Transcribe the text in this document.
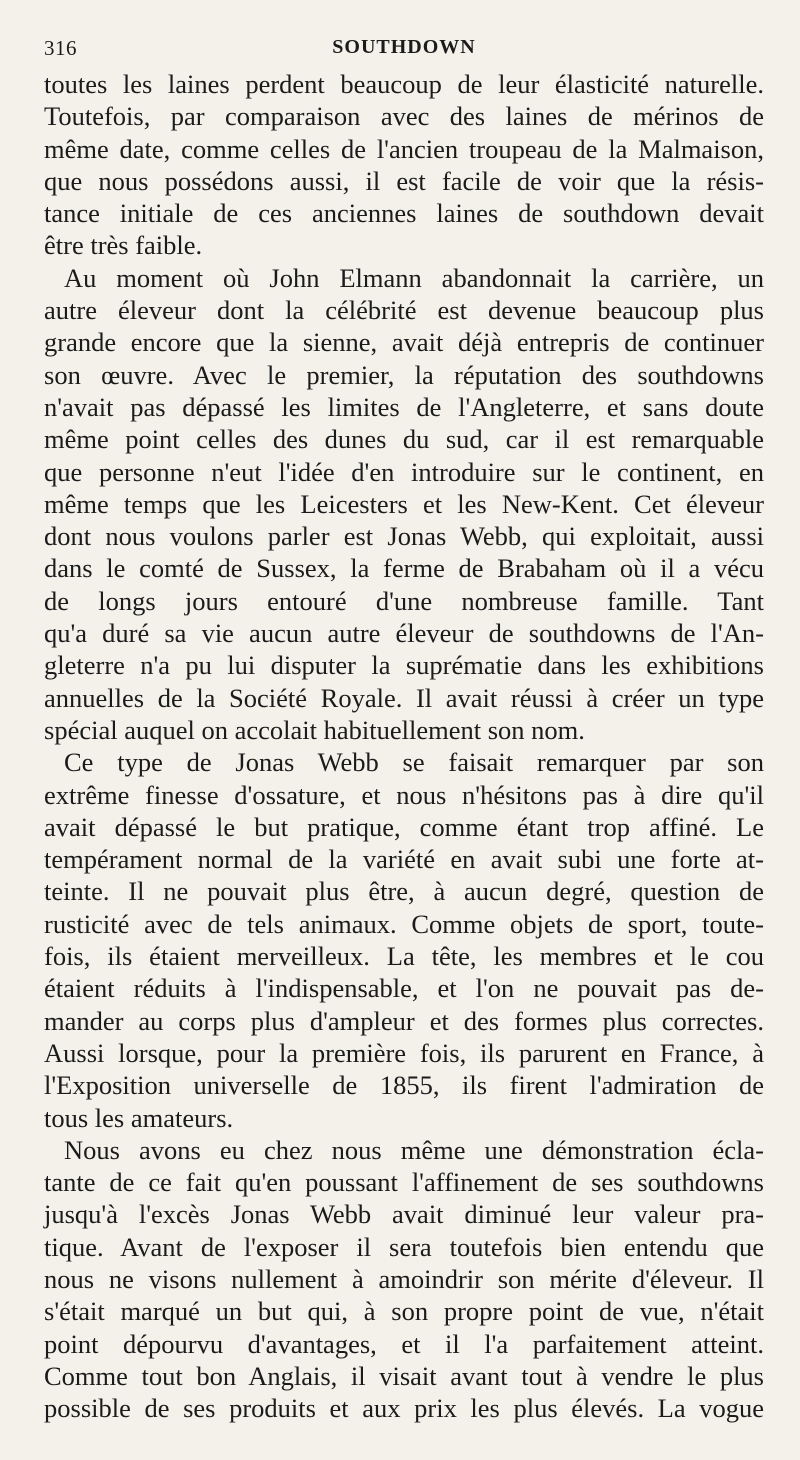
316	SOUTHDOWN
toutes les laines perdent beaucoup de leur élasticité naturelle.
Toutefois, par comparaison avec des laines de mérinos de
même date, comme celles de l'ancien troupeau de la Malmaison,
que nous possédons aussi, il est facile de voir que la résis-
tance initiale de ces anciennes laines de southdown devait
être très faible.
Au moment où John Elmann abandonnait la carrière, un
autre éleveur dont la célébrité est devenue beaucoup plus
grande encore que la sienne, avait déjà entrepris de continuer
son œuvre. Avec le premier, la réputation des southdowns
n'avait pas dépassé les limites de l'Angleterre, et sans doute
même point celles des dunes du sud, car il est remarquable
que personne n'eut l'idée d'en introduire sur le continent, en
même temps que les Leicesters et les New-Kent. Cet éleveur
dont nous voulons parler est Jonas Webb, qui exploitait, aussi
dans le comté de Sussex, la ferme de Brabaham où il a vécu
de longs jours entouré d'une nombreuse famille. Tant
qu'a duré sa vie aucun autre éleveur de southdowns de l'An-
gleterre n'a pu lui disputer la suprématie dans les exhibitions
annuelles de la Société Royale. Il avait réussi à créer un type
spécial auquel on accolait habituellement son nom.
Ce type de Jonas Webb se faisait remarquer par son
extrême finesse d'ossature, et nous n'hésitons pas à dire qu'il
avait dépassé le but pratique, comme étant trop affiné. Le
tempérament normal de la variété en avait subi une forte at-
teinte. Il ne pouvait plus être, à aucun degré, question de
rusticité avec de tels animaux. Comme objets de sport, toute-
fois, ils étaient merveilleux. La tête, les membres et le cou
étaient réduits à l'indispensable, et l'on ne pouvait pas de-
mander au corps plus d'ampleur et des formes plus correctes.
Aussi lorsque, pour la première fois, ils parurent en France, à
l'Exposition universelle de 1855, ils firent l'admiration de
tous les amateurs.
Nous avons eu chez nous même une démonstration écla-
tante de ce fait qu'en poussant l'affinement de ses southdowns
jusqu'à l'excès Jonas Webb avait diminué leur valeur pra-
tique. Avant de l'exposer il sera toutefois bien entendu que
nous ne visons nullement à amoindrir son mérite d'éleveur. Il
s'était marqué un but qui, à son propre point de vue, n'était
point dépourvu d'avantages, et il l'a parfaitement atteint.
Comme tout bon Anglais, il visait avant tout à vendre le plus
possible de ses produits et aux prix les plus élevés. La vogue
